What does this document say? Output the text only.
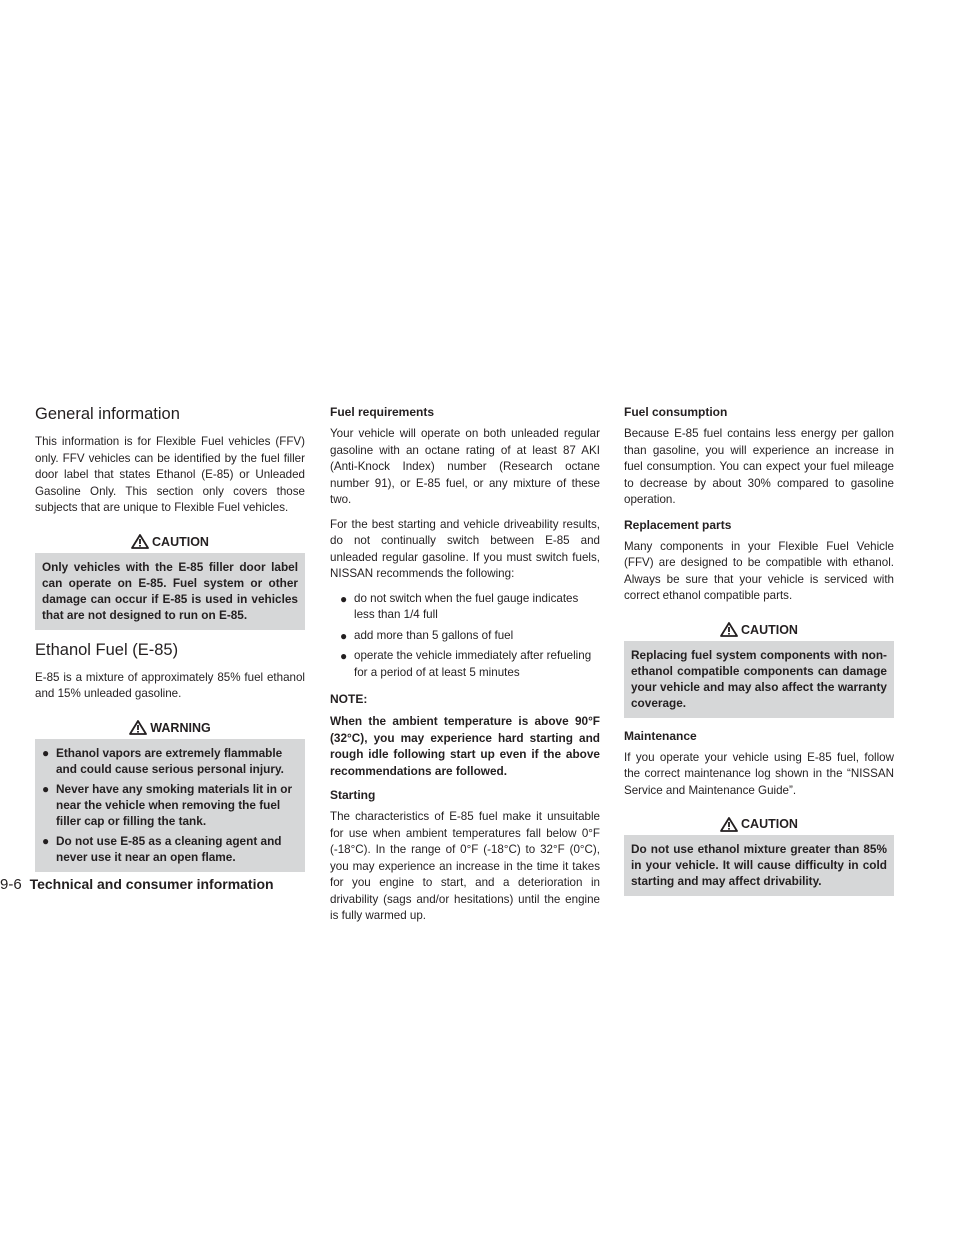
General information

This information is for Flexible Fuel vehicles (FFV) only. FFV vehicles can be identified by the fuel filler door label that states Ethanol (E-85) or Unleaded Gasoline Only. This section only covers those subjects that are unique to Flexible Fuel vehicles.

CAUTION

Only vehicles with the E-85 filler door label can operate on E-85. Fuel system or other damage can occur if E-85 is used in vehicles that are not designed to run on E-85.

Ethanol Fuel (E-85)

E-85 is a mixture of approximately 85% fuel ethanol and 15% unleaded gasoline.

WARNING
● Ethanol vapors are extremely flammable and could cause serious personal injury.
● Never have any smoking materials lit in or near the vehicle when removing the fuel filler cap or filling the tank.
● Do not use E-85 as a cleaning agent and never use it near an open flame.
Fuel requirements

Your vehicle will operate on both unleaded regular gasoline with an octane rating of at least 87 AKI (Anti-Knock Index) number (Research octane number 91), or E-85 fuel, or any mixture of these two.

For the best starting and vehicle driveability results, do not continually switch between E-85 and unleaded regular gasoline. If you must switch fuels, NISSAN recommends the following:

● do not switch when the fuel gauge indicates less than 1/4 full
● add more than 5 gallons of fuel
● operate the vehicle immediately after refueling for a period of at least 5 minutes
NOTE:

When the ambient temperature is above 90°F (32°C), you may experience hard starting and rough idle following start up even if the above recommendations are followed.

Starting

The characteristics of E-85 fuel make it unsuitable for use when ambient temperatures fall below 0°F (-18°C). In the range of 0°F (-18°C) to 32°F (0°C), you may experience an increase in the time it takes for you engine to start, and a deterioration in drivability (sags and/or hesitations) until the engine is fully warmed up.

Fuel consumption

Because E-85 fuel contains less energy per gallon than gasoline, you will experience an increase in fuel consumption. You can expect your fuel mileage to decrease by about 30% compared to gasoline operation.

Replacement parts

Many components in your Flexible Fuel Vehicle (FFV) are designed to be compatible with ethanol. Always be sure that your vehicle is serviced with correct ethanol compatible parts.

CAUTION

Replacing fuel system components with non-ethanol compatible components can damage your vehicle and may also affect the warranty coverage.

Maintenance

If you operate your vehicle using E-85 fuel, follow the correct maintenance log shown in the “NISSAN Service and Maintenance Guide”.

CAUTION

Do not use ethanol mixture greater than 85% in your vehicle. It will cause difficulty in cold starting and may affect drivability.

9-6 Technical and consumer information
